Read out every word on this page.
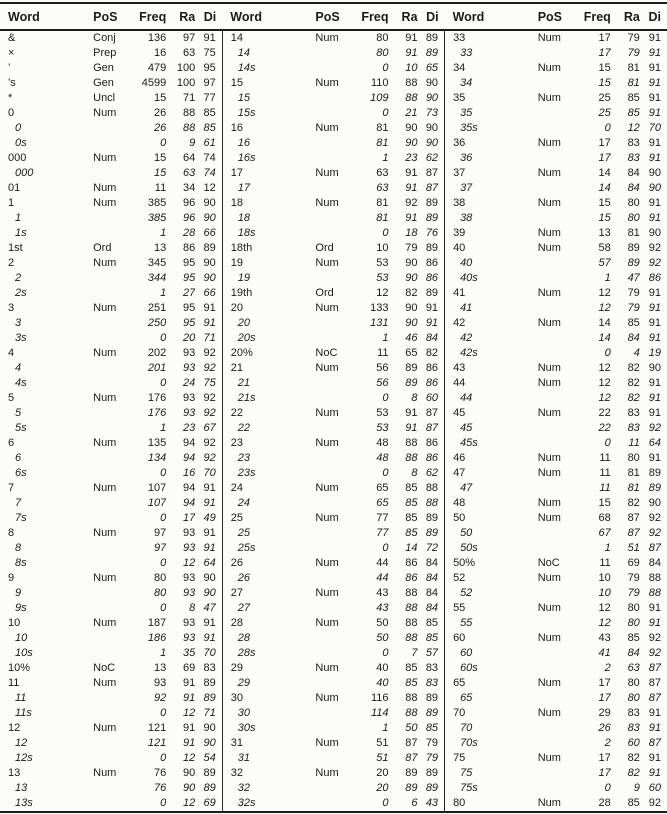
Word	PoS	Freq	Ra	Di	Word	PoS	Freq	Ra	Di	Word	PoS	Freq	Ra	Di
&	Conj	136	97	91	14	Num	80	91	89	33	Num	17	79	91
×	Prep	16	63	75	14		80	91	89	33		17	79	91
’	Gen	479	100	95	14s		0	10	65	34	Num	15	81	91
’s	Gen	4599	100	97	15	Num	110	88	90	34		15	81	91
*	Uncl	15	71	77	15		109	88	90	35	Num	25	85	91
0	Num	26	88	85	15s		0	21	73	35		25	85	91
0		26	88	85	16	Num	81	90	90	35s		0	12	70
0s		0	9	61	16		81	90	90	36	Num	17	83	91
000	Num	15	64	74	16s		1	23	62	36		17	83	91
000		15	63	74	17	Num	63	91	87	37	Num	14	84	90
01	Num	11	34	12	17		63	91	87	37		14	84	90
1	Num	385	96	90	18	Num	81	92	89	38	Num	15	80	91
1		385	96	90	18		81	91	89	38		15	80	91
1s		1	28	66	18s		0	18	76	39	Num	13	81	90
1st	Ord	13	86	89	18th	Ord	10	79	89	40	Num	58	89	92
2	Num	345	95	90	19	Num	53	90	86	40		57	89	92
2		344	95	90	19		53	90	86	40s		1	47	86
2s		1	27	66	19th	Ord	12	82	89	41	Num	12	79	91
3	Num	251	95	91	20	Num	133	90	91	41		12	79	91
3		250	95	91	20		131	90	91	42	Num	14	85	91
3s		0	20	71	20s		1	46	84	42		14	84	91
4	Num	202	93	92	20%	NoC	11	65	82	42s		0	4	19
4		201	93	92	21	Num	56	89	86	43	Num	12	82	90
4s		0	24	75	21		56	89	86	44	Num	12	82	91
5	Num	176	93	92	21s		0	8	60	44		12	82	91
5		176	93	92	22	Num	53	91	87	45	Num	22	83	91
5s		1	23	67	22		53	91	87	45		22	83	92
6	Num	135	94	92	23	Num	48	88	86	45s		0	11	64
6		134	94	92	23		48	88	86	46	Num	11	80	91
6s		0	16	70	23s		0	8	62	47	Num	11	81	89
7	Num	107	94	91	24	Num	65	85	88	47		11	81	89
7		107	94	91	24		65	85	88	48	Num	15	82	90
7s		0	17	49	25	Num	77	85	89	50	Num	68	87	92
8	Num	97	93	91	25		77	85	89	50		67	87	92
8		97	93	91	25s		0	14	72	50s		1	51	87
8s		0	12	64	26	Num	44	86	84	50%	NoC	11	69	84
9	Num	80	93	90	26		44	86	84	52	Num	10	79	88
9		80	93	90	27	Num	43	88	84	52		10	79	88
9s		0	8	47	27		43	88	84	55	Num	12	80	91
10	Num	187	93	91	28	Num	50	88	85	55		12	80	91
10		186	93	91	28		50	88	85	60	Num	43	85	92
10s		1	35	70	28s		0	7	57	60		41	84	92
10%	NoC	13	69	83	29	Num	40	85	83	60s		2	63	87
11	Num	93	91	89	29		40	85	83	65	Num	17	80	87
11		92	91	89	30	Num	116	88	89	65		17	80	87
11s		0	12	71	30		114	88	89	70	Num	29	83	91
12	Num	121	91	90	30s		1	50	85	70		26	83	91
12		121	91	90	31	Num	51	87	79	70s		2	60	87
12s		0	12	54	31		51	87	79	75	Num	17	82	91
13	Num	76	90	89	32	Num	20	89	89	75		17	82	91
13		76	90	89	32		20	89	89	75s		0	9	60
13s		0	12	69	32s		0	6	43	80	Num	28	85	92
